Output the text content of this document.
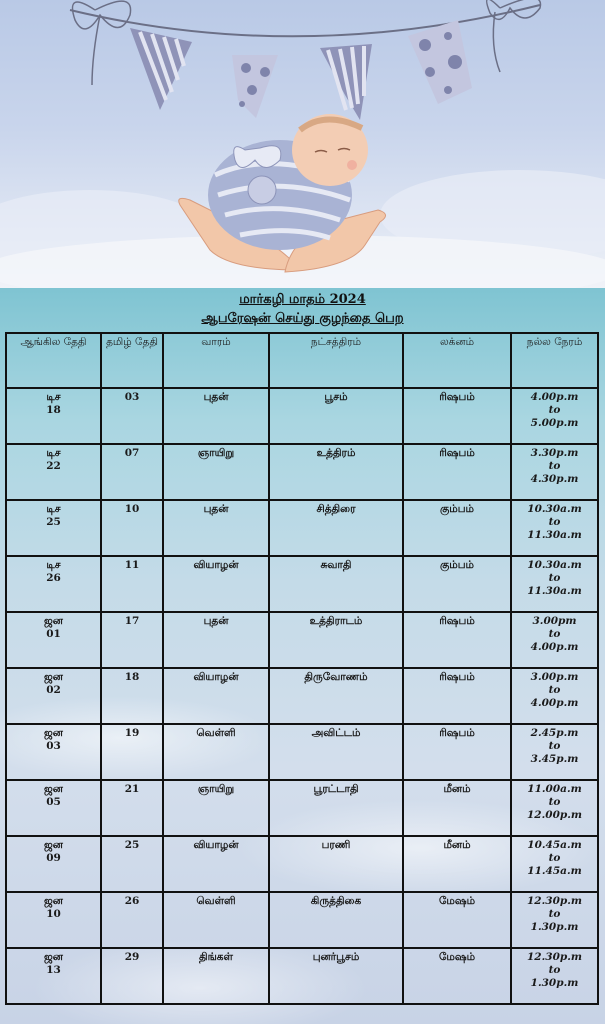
மார்கழி மாதம் 2024
ஆபரேஷன் செய்து குழந்தை பெற
ஆங்கில தேதி	தமிழ் தேதி	வாரம்	நட்சத்திரம்	லக்னம்	நல்ல நேரம்

டிச
18	03	புதன்	பூசம்	ரிஷபம்	4.00p.m
to
5.00p.m

டிச
22	07	ஞாயிறு	உத்திரம்	ரிஷபம்	3.30p.m
to
4.30p.m

டிச
25	10	புதன்	சித்திரை	கும்பம்	10.30a.m
to
11.30a.m

டிச
26	11	வியாழன்	சுவாதி	கும்பம்	10.30a.m
to
11.30a.m

ஜன
01	17	புதன்	உத்திராடம்	ரிஷபம்	3.00pm
to
4.00p.m

ஜன
02	18	வியாழன்	திருவோணம்	ரிஷபம்	3.00p.m
to
4.00p.m

ஜன
03	19	வெள்ளி	அவிட்டம்	ரிஷபம்	2.45p.m
to
3.45p.m

ஜன
05	21	ஞாயிறு	பூரட்டாதி	மீனம்	11.00a.m
to
12.00p.m

ஜன
09	25	வியாழன்	பரணி	மீனம்	10.45a.m
to
11.45a.m

ஜன
10	26	வெள்ளி	கிருத்திகை	மேஷம்	12.30p.m
to
1.30p.m

ஜன
13	29	திங்கள்	புனர்பூசம்	மேஷம்	12.30p.m
to
1.30p.m
